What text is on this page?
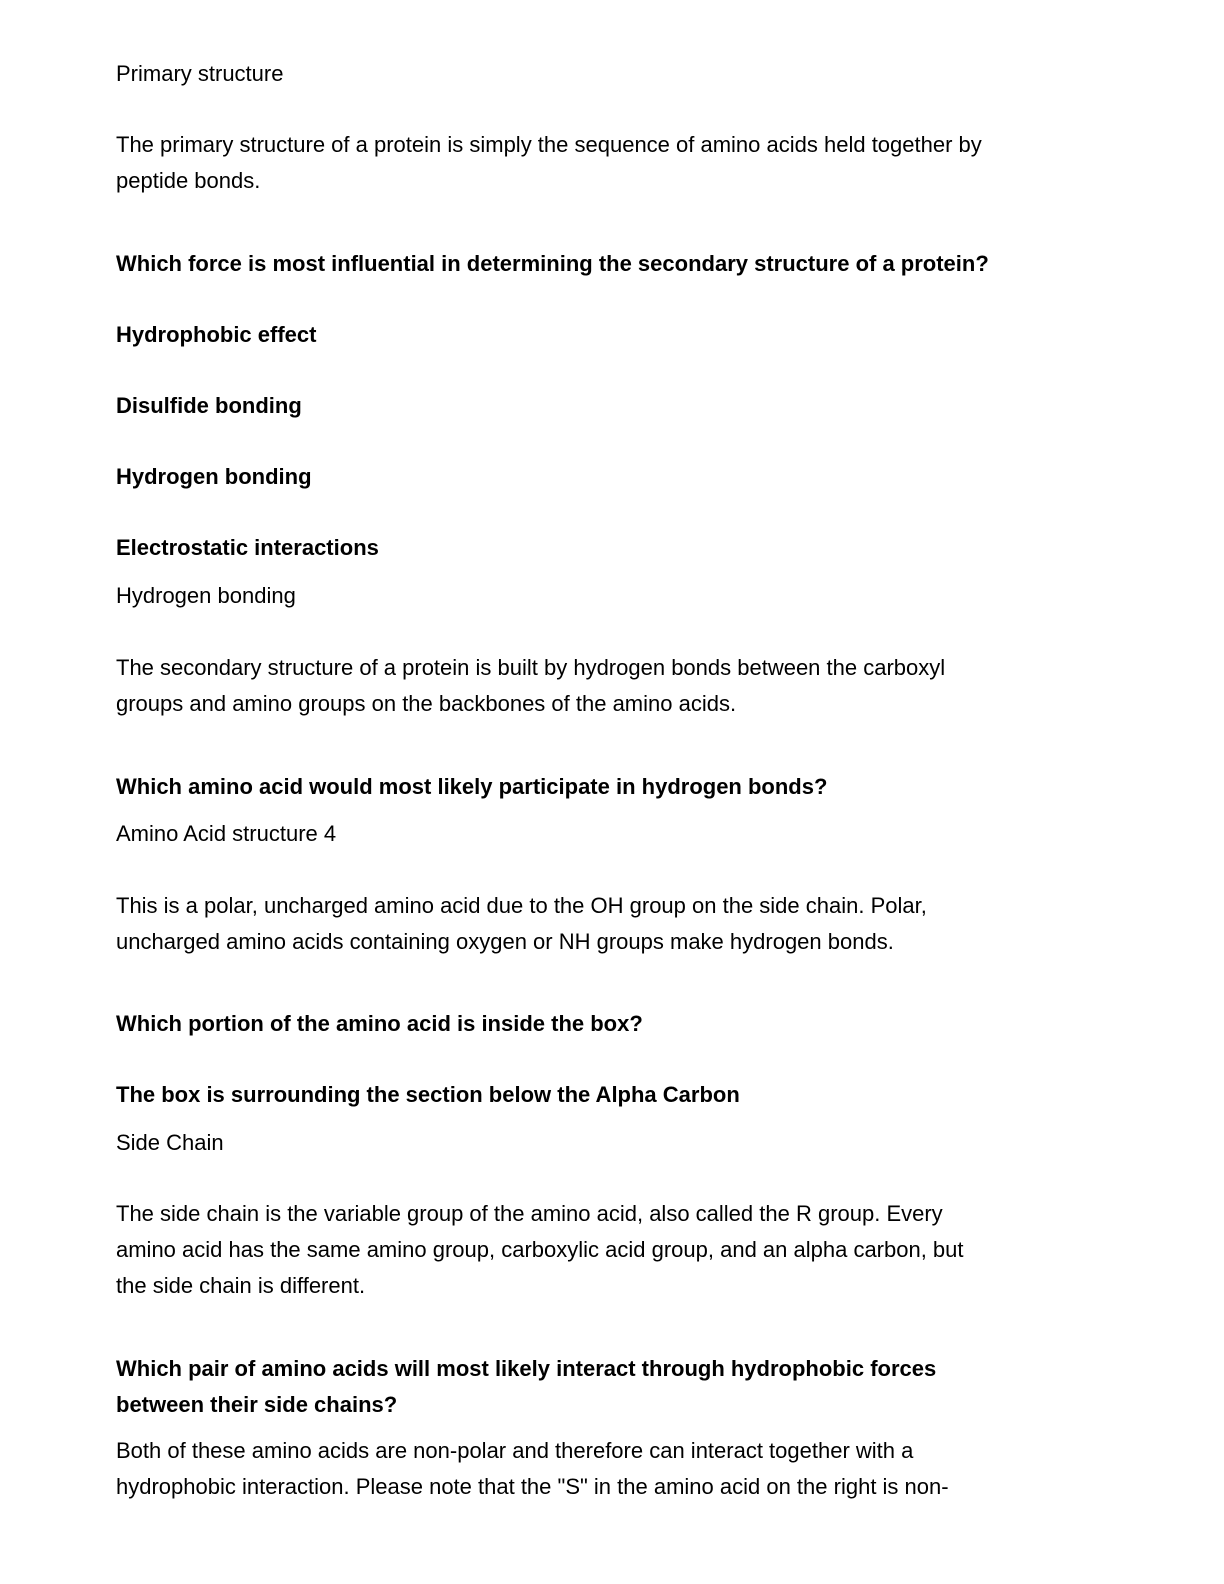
Primary structure

The primary structure of a protein is simply the sequence of amino acids held together by

peptide bonds.

Which force is most influential in determining the secondary structure of a protein?

Hydrophobic effect

Disulfide bonding

Hydrogen bonding

Electrostatic interactions

Hydrogen bonding

The secondary structure of a protein is built by hydrogen bonds between the carboxyl

groups and amino groups on the backbones of the amino acids.

Which amino acid would most likely participate in hydrogen bonds?

Amino Acid structure 4

This is a polar, uncharged amino acid due to the OH group on the side chain. Polar,

uncharged amino acids containing oxygen or NH groups make hydrogen bonds.

Which portion of the amino acid is inside the box?

The box is surrounding the section below the Alpha Carbon

Side Chain

The side chain is the variable group of the amino acid, also called the R group. Every

amino acid has the same amino group, carboxylic acid group, and an alpha carbon, but

the side chain is different.

Which pair of amino acids will most likely interact through hydrophobic forces

between their side chains?

Both of these amino acids are non-polar and therefore can interact together with a

hydrophobic interaction. Please note that the "S" in the amino acid on the right is non-
